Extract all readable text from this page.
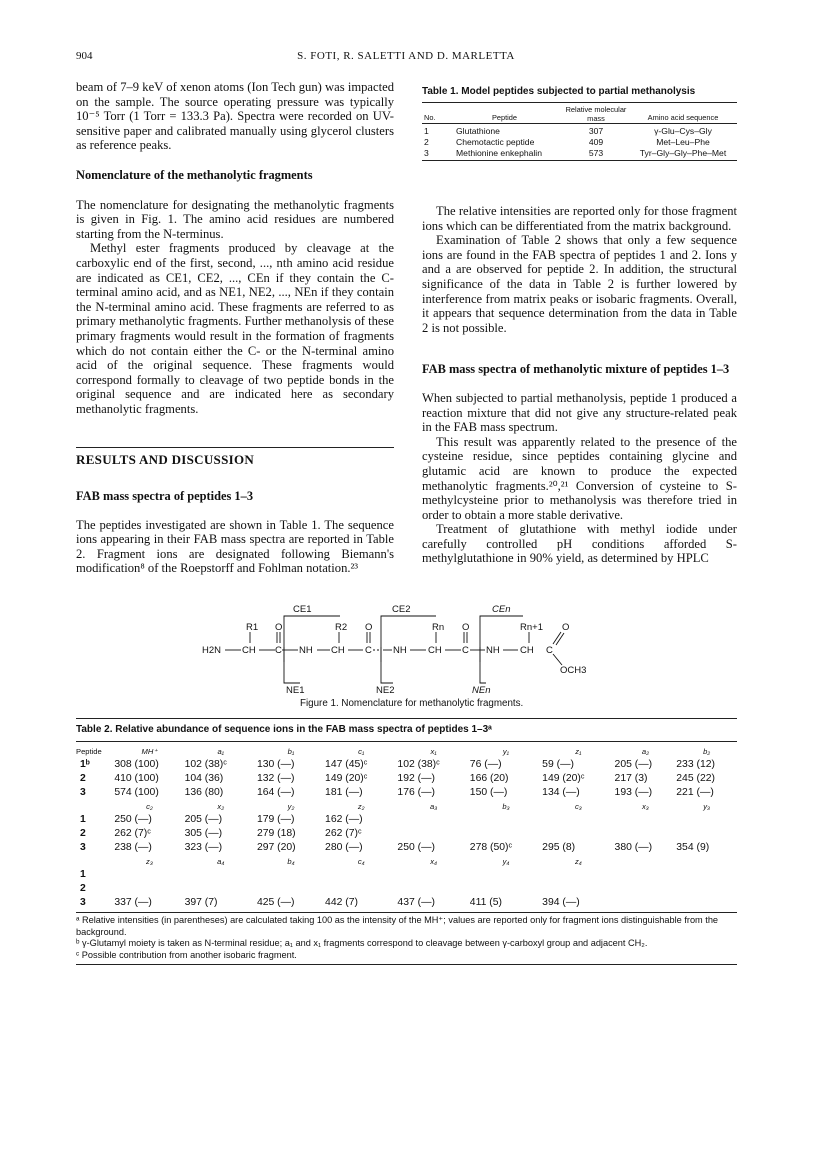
904	S. FOTI, R. SALETTI AND D. MARLETTA

beam of 7–9 keV of xenon atoms (Ion Tech gun) was impacted on the sample. The source operating pressure was typically 10⁻⁵ Torr (1 Torr = 133.3 Pa). Spectra were recorded on UV-sensitive paper and calibrated manually using glycerol clusters as reference peaks.

Nomenclature of the methanolytic fragments

The nomenclature for designating the methanolytic fragments is given in Fig. 1. The amino acid residues are numbered starting from the N-terminus.

Methyl ester fragments produced by cleavage at the carboxylic end of the first, second, ..., nth amino acid residue are indicated as CE1, CE2, ..., CEn if they contain the C-terminal amino acid, and as NE1, NE2, ..., NEn if they contain the N-terminal amino acid. These fragments are referred to as primary methanolytic fragments. Further methanolysis of these primary fragments would result in the formation of fragments which do not contain either the C- or the N-terminal amino acid of the original sequence. These fragments would correspond formally to cleavage of two peptide bonds in the original sequence and are indicated here as secondary methanolytic fragments.

RESULTS AND DISCUSSION
FAB mass spectra of peptides 1–3

The peptides investigated are shown in Table 1. The sequence ions appearing in their FAB mass spectra are reported in Table 2. Fragment ions are designated following Biemann's modification⁸ of the Roepstorff and Fohlman notation.²³

Table 1. Model peptides subjected to partial methanolysis
No.	Peptide	Relative molecular mass	Amino acid sequence

1	Glutathione	307	γ-Glu–Cys–Gly
2	Chemotactic peptide	409	Met–Leu–Phe
3	Methionine enkephalin	573	Tyr–Gly–Gly–Phe–Met

The relative intensities are reported only for those fragment ions which can be differentiated from the matrix background.

Examination of Table 2 shows that only a few sequence ions are found in the FAB spectra of peptides 1 and 2. Ions y and a are observed for peptide 2. In addition, the structural significance of the data in Table 2 is further lowered by interference from matrix peaks or isobaric fragments. Overall, it appears that sequence determination from the data in Table 2 is not possible.

FAB mass spectra of methanolytic mixture of peptides 1–3

When subjected to partial methanolysis, peptide 1 produced a reaction mixture that did not give any structure-related peak in the FAB mass spectrum.

This result was apparently related to the presence of the cysteine residue, since peptides containing glycine and glutamic acid are known to produce the expected methanolytic fragments.²⁰,²¹ Conversion of cysteine to S-methylcysteine prior to methanolysis was therefore tried in order to obtain a more stable derivative.

Treatment of glutathione with methyl iodide under carefully controlled pH conditions afforded S-methylglutathione in 90% yield, as determined by HPLC

CE1	CE2	CEn
NE1	NE2	NEn
R1	R2	Rn	Rn+1
O	O	O	O
H2N CH C NH CH C NH CH C NH CH C
OCH3
Figure 1. Nomenclature for methanolytic fragments.
Table 2. Relative abundance of sequence ions in the FAB mass spectra of peptides 1–3ᵃ
Peptide	MH⁺	a₁	b₁	c₁	x₁	y₁	z₁	a₂	b₂
1ᵇ	308 (100)	102 (38)ᶜ	130 (—)	147 (45)ᶜ	102 (38)ᶜ	76 (—)	59 (—)	205 (—)	233 (12)
2	410 (100)	104 (36)	132 (—)	149 (20)ᶜ	192 (—)	166 (20)	149 (20)ᶜ	217 (3)	245 (22)
3	574 (100)	136 (80)	164 (—)	181 (—)	176 (—)	150 (—)	134 (—)	193 (—)	221 (—)
	c₂	x₂	y₂	z₂	a₃	b₃	c₃	x₃	y₃
1	250 (—)	205 (—)	179 (—)	162 (—)					
2	262 (7)ᶜ	305 (—)	279 (18)	262 (7)ᶜ					
3	238 (—)	323 (—)	297 (20)	280 (—)	250 (—)	278 (50)ᶜ	295 (8)	380 (—)	354 (9)
	z₃	a₄	b₄	c₄	x₄	y₄	z₄		
1									
2									
3	337 (—)	397 (7)	425 (—)	442 (7)	437 (—)	411 (5)	394 (—)		
ᵃ Relative intensities (in parentheses) are calculated taking 100 as the intensity of the MH⁺; values are reported only for fragment ions distinguishable from the background.
ᵇ γ-Glutamyl moiety is taken as N-terminal residue; a₁ and x₁ fragments correspond to cleavage between γ-carboxyl group and adjacent CH₂.
ᶜ Possible contribution from another isobaric fragment.
